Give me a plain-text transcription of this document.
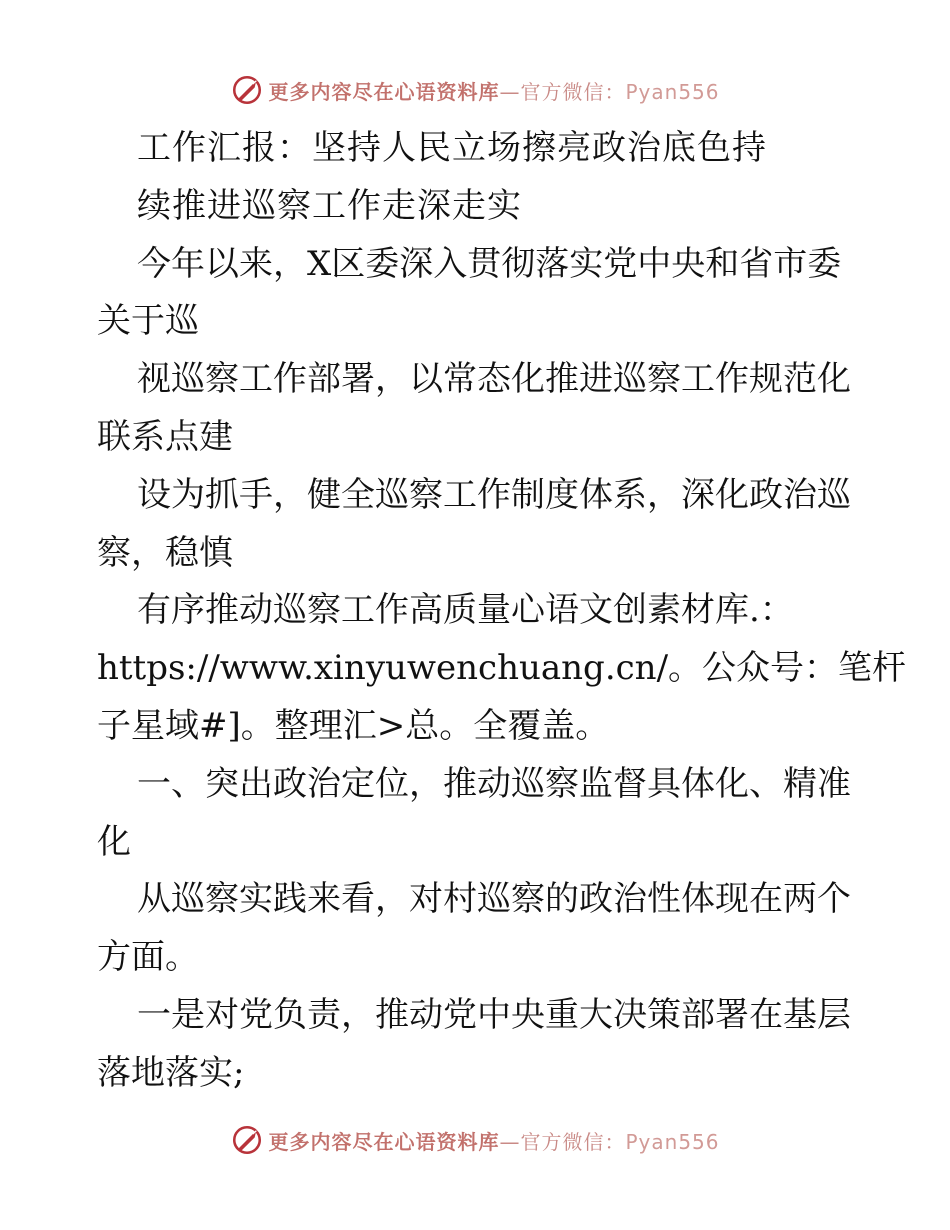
更多内容尽在心语资料库—官方微信：Pyan556
工作汇报：坚持人民立场擦亮政治底色持
续推进巡察工作走深走实
今年以来，X区委深入贯彻落实党中央和省市委
关于巡
视巡察工作部署，以常态化推进巡察工作规范化
联系点建
设为抓手，健全巡察工作制度体系，深化政治巡
察，稳慎
有序推动巡察工作高质量心语文创素材库.：
https://www.xinyuwenchuang.cn/。公众号：笔杆
子星域#]。整理汇>总。全覆盖。
一、突出政治定位，推动巡察监督具体化、精准
化
从巡察实践来看，对村巡察的政治性体现在两个
方面。
一是对党负责，推动党中央重大决策部署在基层
落地落实;
更多内容尽在心语资料库—官方微信：Pyan556
